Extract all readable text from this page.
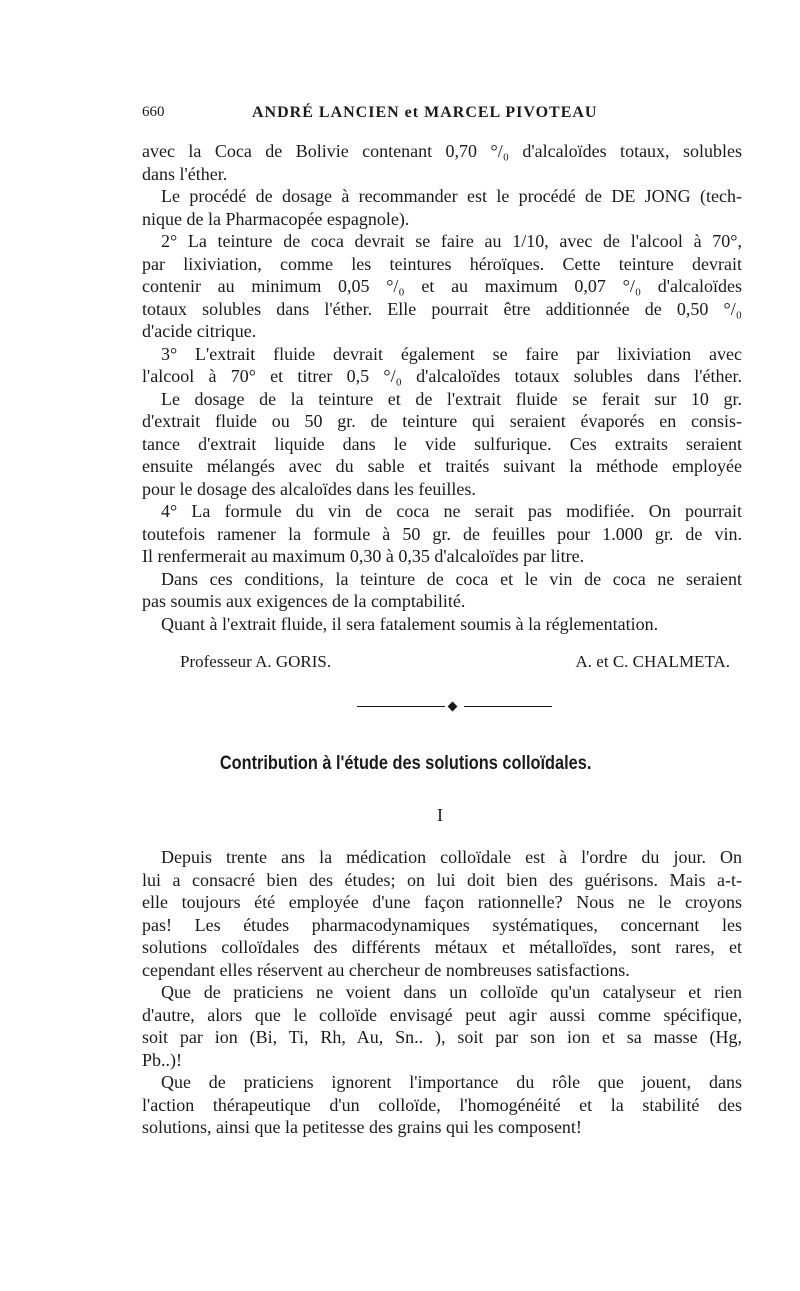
660	ANDRÉ LANCIEN et MARCEL PIVOTEAU
avec la Coca de Bolivie contenant 0,70 °/₀ d'alcaloïdes totaux, solubles
dans l'éther.
Le procédé de dosage à recommander est le procédé de DE JONG (tech-
nique de la Pharmacopée espagnole).
2° La teinture de coca devrait se faire au 1/10, avec de l'alcool à 70°,
par lixiviation, comme les teintures héroïques. Cette teinture devrait
contenir au minimum 0,05 °/₀ et au maximum 0,07 °/₀ d'alcaloïdes
totaux solubles dans l'éther. Elle pourrait être additionnée de 0,50 °/₀
d'acide citrique.
3° L'extrait fluide devrait également se faire par lixiviation avec
l'alcool à 70° et titrer 0,5 °/₀ d'alcaloïdes totaux solubles dans l'éther.
Le dosage de la teinture et de l'extrait fluide se ferait sur 10 gr.
d'extrait fluide ou 50 gr. de teinture qui seraient évaporés en consis-
tance d'extrait liquide dans le vide sulfurique. Ces extraits seraient
ensuite mélangés avec du sable et traités suivant la méthode employée
pour le dosage des alcaloïdes dans les feuilles.
4° La formule du vin de coca ne serait pas modifiée. On pourrait
toutefois ramener la formule à 50 gr. de feuilles pour 1.000 gr. de vin.
Il renfermerait au maximum 0,30 à 0,35 d'alcaloïdes par litre.
Dans ces conditions, la teinture de coca et le vin de coca ne seraient
pas soumis aux exigences de la comptabilité.
Quant à l'extrait fluide, il sera fatalement soumis à la réglementation.
Professeur A. GORIS.	A. et C. CHALMETA.
Contribution à l'étude des solutions colloïdales.
I
Depuis trente ans la médication colloïdale est à l'ordre du jour. On
lui a consacré bien des études; on lui doit bien des guérisons. Mais a-t-
elle toujours été employée d'une façon rationnelle? Nous ne le croyons
pas! Les études pharmacodynamiques systématiques, concernant les
solutions colloïdales des différents métaux et métalloïdes, sont rares, et
cependant elles réservent au chercheur de nombreuses satisfactions.
Que de praticiens ne voient dans un colloïde qu'un catalyseur et rien
d'autre, alors que le colloïde envisagé peut agir aussi comme spécifique,
soit par ion (Bi, Ti, Rh, Au, Sn.. ), soit par son ion et sa masse (Hg,
Pb..)!
Que de praticiens ignorent l'importance du rôle que jouent, dans
l'action thérapeutique d'un colloïde, l'homogénéité et la stabilité des
solutions, ainsi que la petitesse des grains qui les composent!
